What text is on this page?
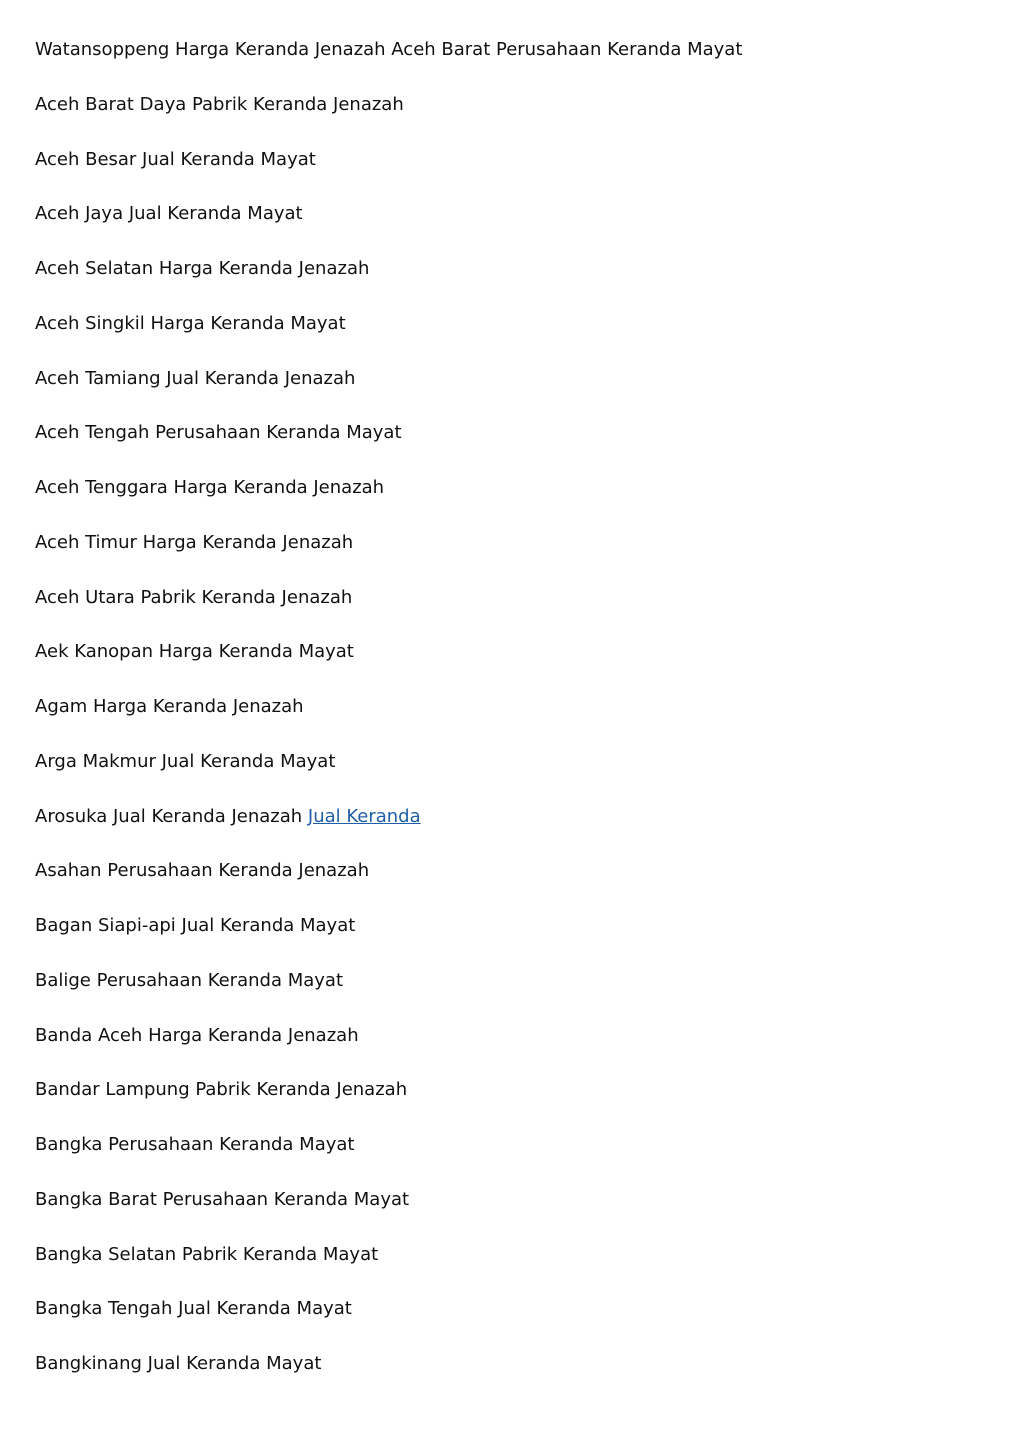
Watansoppeng Harga Keranda Jenazah Aceh Barat Perusahaan Keranda Mayat
Aceh Barat Daya Pabrik Keranda Jenazah
Aceh Besar Jual Keranda Mayat
Aceh Jaya Jual Keranda Mayat
Aceh Selatan Harga Keranda Jenazah
Aceh Singkil Harga Keranda Mayat
Aceh Tamiang Jual Keranda Jenazah
Aceh Tengah Perusahaan Keranda Mayat
Aceh Tenggara Harga Keranda Jenazah
Aceh Timur Harga Keranda Jenazah
Aceh Utara Pabrik Keranda Jenazah
Aek Kanopan Harga Keranda Mayat
Agam Harga Keranda Jenazah
Arga Makmur Jual Keranda Mayat
Arosuka Jual Keranda Jenazah Jual Keranda
Asahan Perusahaan Keranda Jenazah
Bagan Siapi-api Jual Keranda Mayat
Balige Perusahaan Keranda Mayat
Banda Aceh Harga Keranda Jenazah
Bandar Lampung Pabrik Keranda Jenazah
Bangka Perusahaan Keranda Mayat
Bangka Barat Perusahaan Keranda Mayat
Bangka Selatan Pabrik Keranda Mayat
Bangka Tengah Jual Keranda Mayat
Bangkinang Jual Keranda Mayat
